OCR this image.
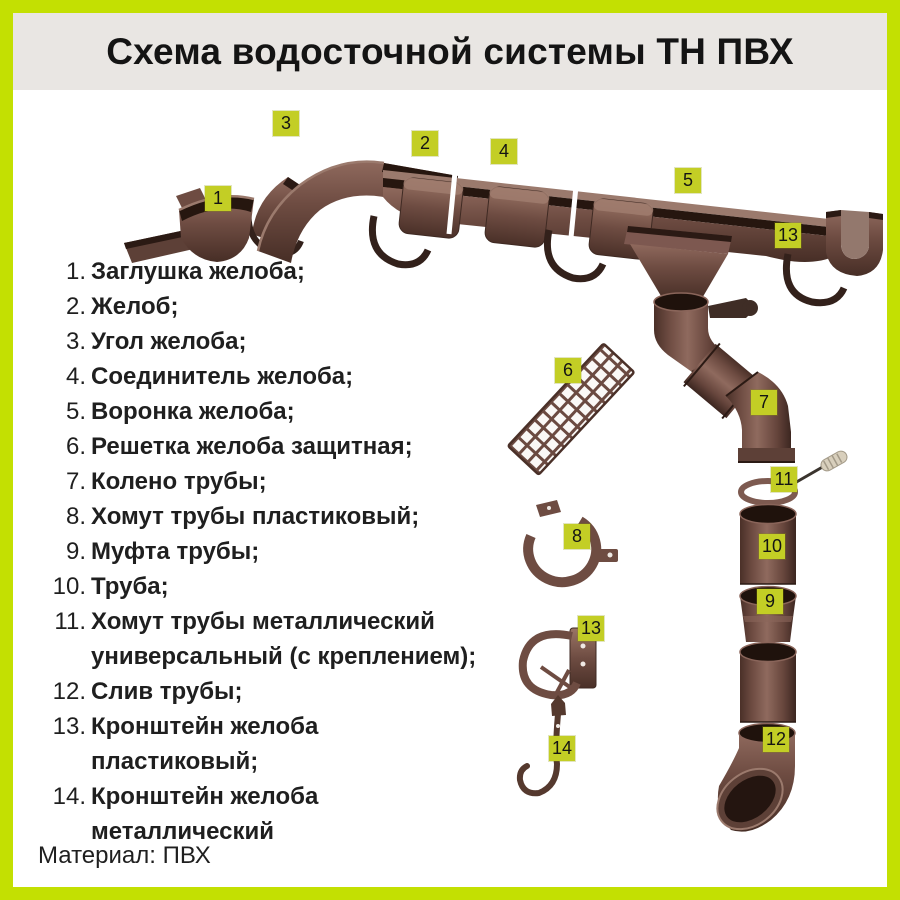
Схема водосточной системы ТН ПВХ
1. Заглушка желоба;
2. Желоб;
3. Угол желоба;
4. Соединитель желоба;
5. Воронка желоба;
6. Решетка желоба защитная;
7. Колено трубы;
8. Хомут трубы пластиковый;
9. Муфта трубы;
10. Труба;
11. Хомут трубы металлический
универсальный (с креплением);
12. Слив трубы;
13. Кронштейн желоба
пластиковый;
14. Кронштейн желоба
металлический
Материал: ПВХ
1
3
2	4
5
13
6
7
11
10
9
8
13
14	12
